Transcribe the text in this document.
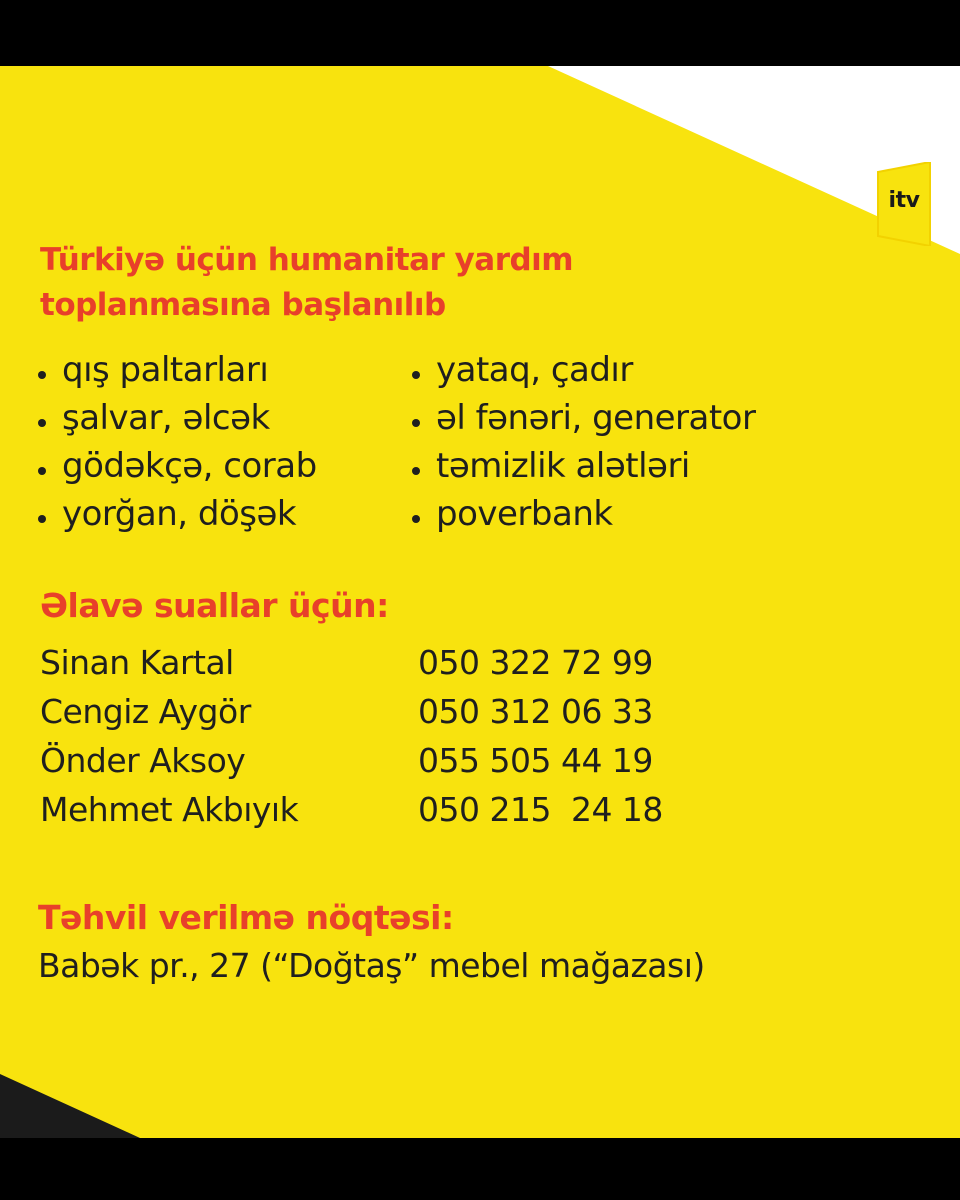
itv
Türkiyə üçün humanitar yardım
toplanmasına başlanılıb
qış paltarları
şalvar, əlcək
gödəkçə, corab
yorğan, döşək
yataq, çadır
əl fənəri, generator
təmizlik alətləri
poverbank
Əlavə suallar üçün:
Sinan Kartal	050 322 72 99
Cengiz Aygör	050 312 06 33
Önder Aksoy	055 505 44 19
Mehmet Akbıyık	050 215  24 18
Təhvil verilmə nöqtəsi:
Babək pr., 27 (“Doğtaş” mebel mağazası)
